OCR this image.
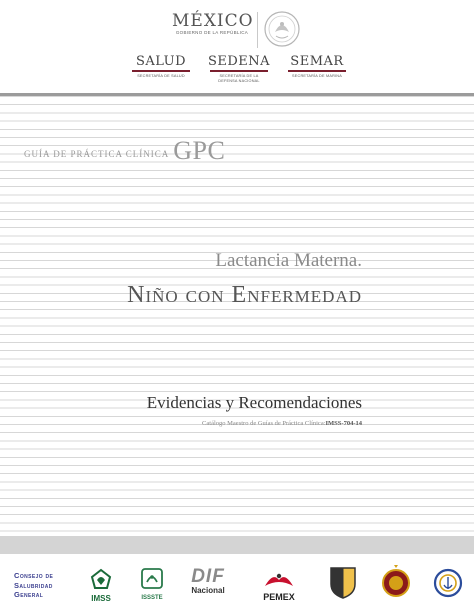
MÉXICO
GOBIERNO DE LA REPÚBLICA
SALUD
SECRETARÍA DE SALUD
SEDENA
SECRETARÍA DE LA DEFENSA NACIONAL
SEMAR
SECRETARÍA DE MARINA
GUÍA DE PRÁCTICA CLÍNICA GPC
Lactancia Materna.
Niño con Enfermedad
Evidencias y Recomendaciones
Catálogo Maestro de Guías de Práctica Clínica:IMSS-704-14
Consejo de
Salubridad
General	IMSS	ISSSTE
DIF
Nacional
PEMEX
